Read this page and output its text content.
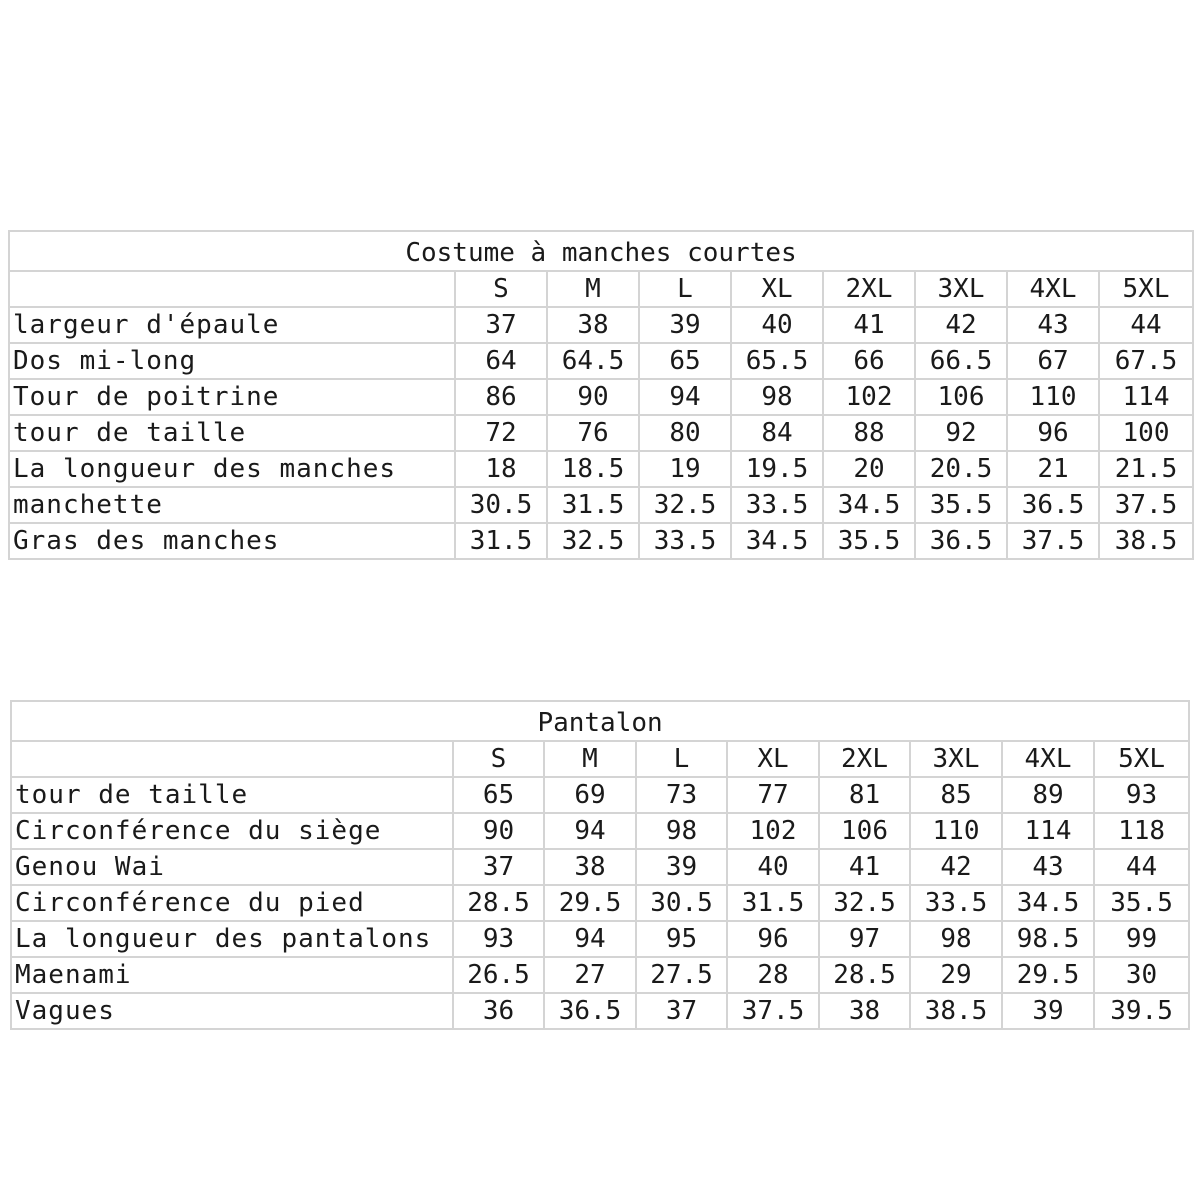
Costume à manches courtes								
	S	M	L	XL	2XL	3XL	4XL	5XL
largeur d'épaule	37	38	39	40	41	42	43	44
Dos mi-long	64	64.5	65	65.5	66	66.5	67	67.5
Tour de poitrine	86	90	94	98	102	106	110	114
tour de taille	72	76	80	84	88	92	96	100
La longueur des manches	18	18.5	19	19.5	20	20.5	21	21.5
manchette	30.5	31.5	32.5	33.5	34.5	35.5	36.5	37.5
Gras des manches	31.5	32.5	33.5	34.5	35.5	36.5	37.5	38.5
Pantalon								
	S	M	L	XL	2XL	3XL	4XL	5XL
tour de taille	65	69	73	77	81	85	89	93
Circonférence du siège	90	94	98	102	106	110	114	118
Genou Wai	37	38	39	40	41	42	43	44
Circonférence du pied	28.5	29.5	30.5	31.5	32.5	33.5	34.5	35.5
La longueur des pantalons	93	94	95	96	97	98	98.5	99
Maenami	26.5	27	27.5	28	28.5	29	29.5	30
Vagues	36	36.5	37	37.5	38	38.5	39	39.5
